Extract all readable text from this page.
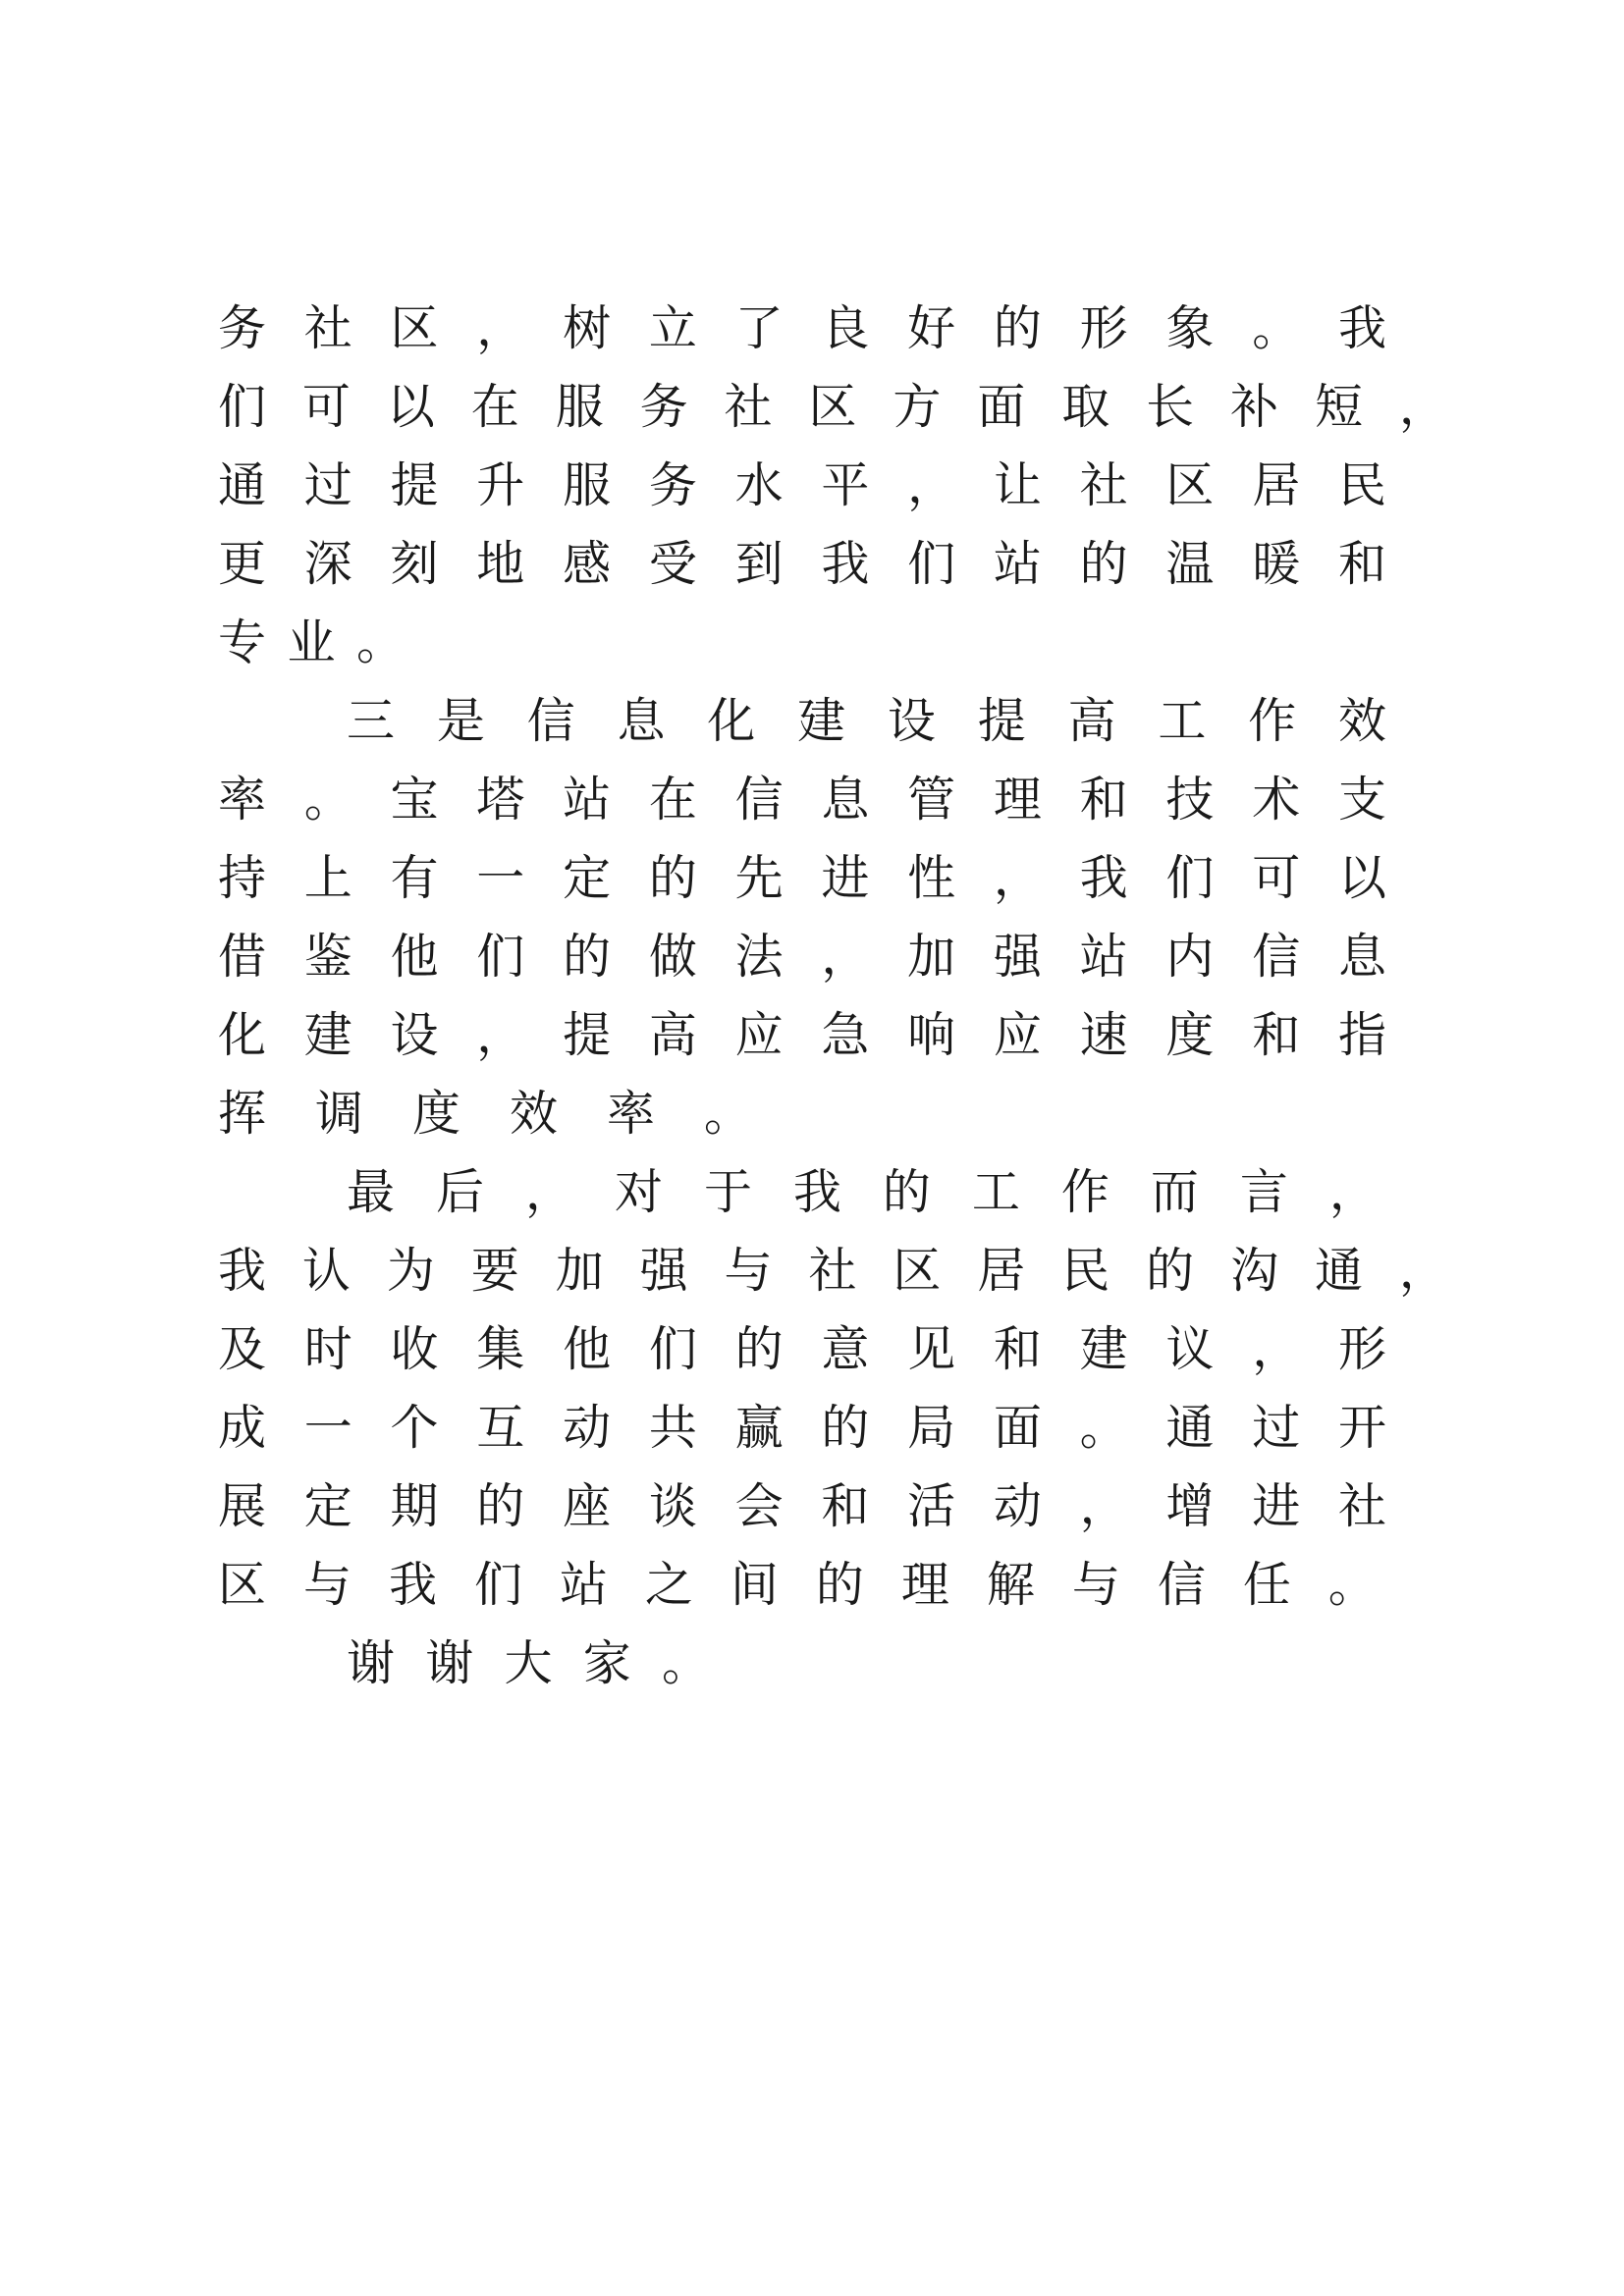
务 社 区 ， 树 立 了 良 好 的 形 象 。 我
们 可 以 在 服 务 社 区 方 面 取 长 补 短 ，
通 过 提 升 服 务 水 平 ， 让 社 区 居 民
更 深 刻 地 感 受 到 我 们 站 的 温 暖 和
专 业 。
三 是 信 息 化 建 设 提 高 工 作 效
率 。 宝 塔 站 在 信 息 管 理 和 技 术 支
持 上 有 一 定 的 先 进 性 ， 我 们 可 以
借 鉴 他 们 的 做 法 ， 加 强 站 内 信 息
化 建 设 ， 提 高 应 急 响 应 速 度 和 指
挥 调 度 效 率 。
最 后 ， 对 于 我 的 工 作 而 言 ，
我 认 为 要 加 强 与 社 区 居 民 的 沟 通 ，
及 时 收 集 他 们 的 意 见 和 建 议 ， 形
成 一 个 互 动 共 赢 的 局 面 。 通 过 开
展 定 期 的 座 谈 会 和 活 动 ， 增 进 社
区 与 我 们 站 之 间 的 理 解 与 信 任 。
谢 谢 大 家 。
